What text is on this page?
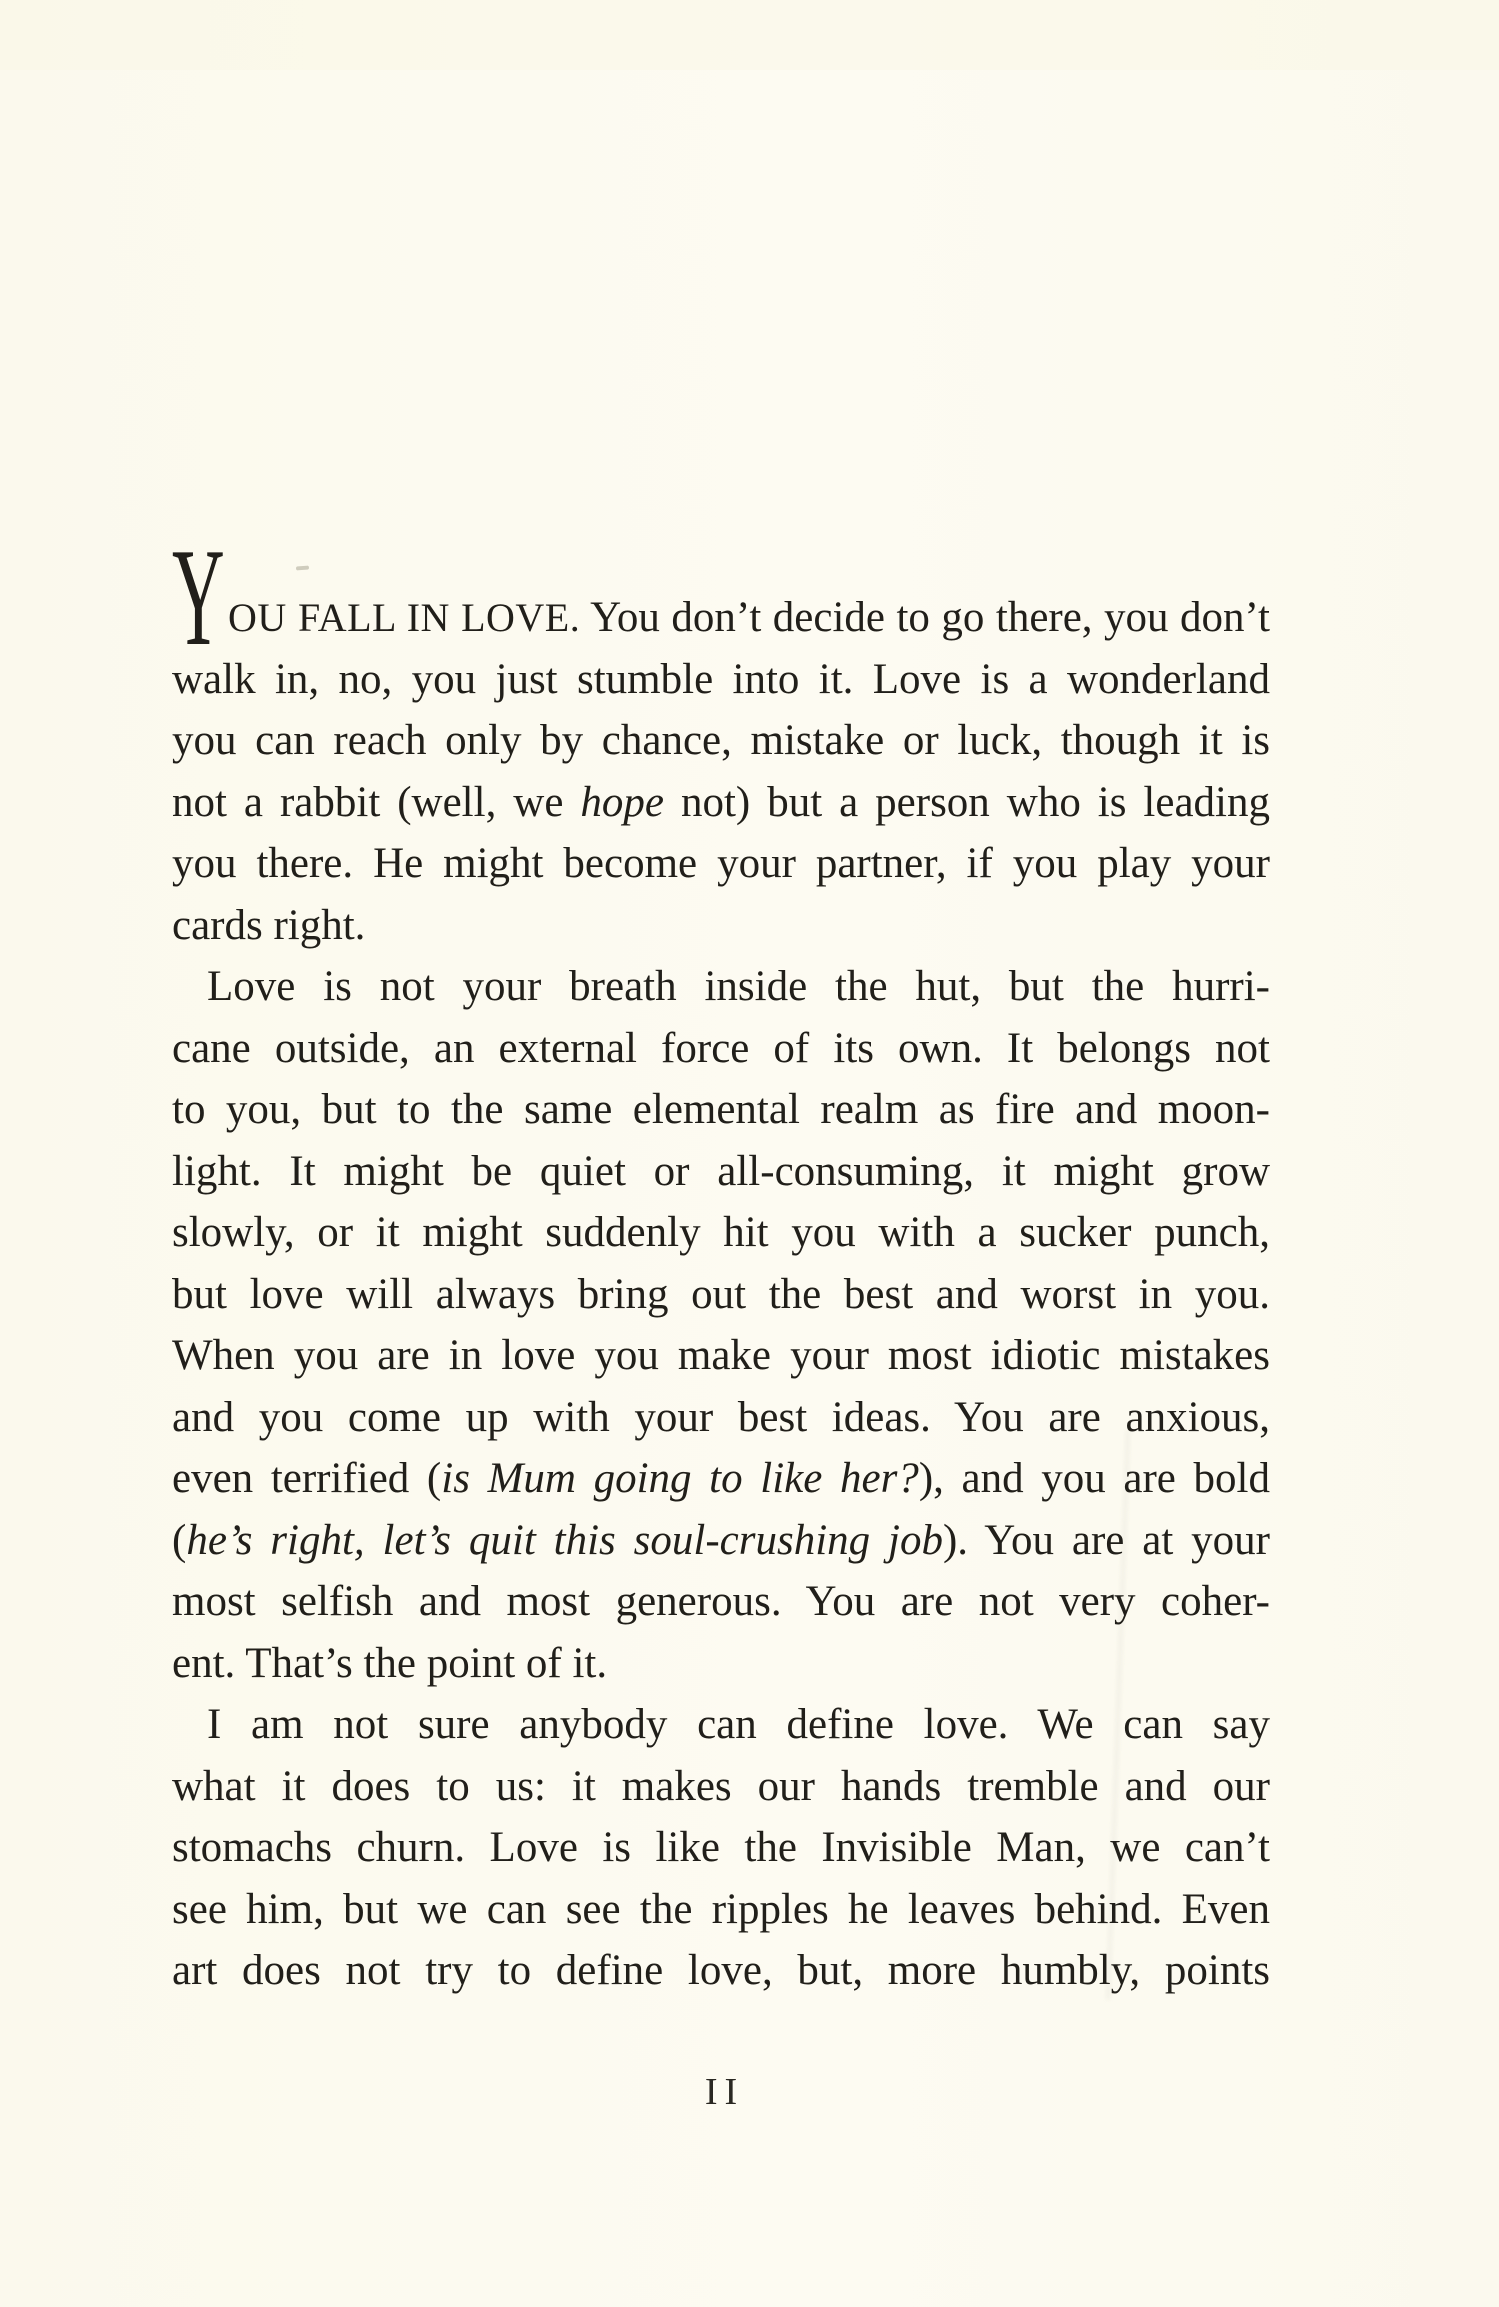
YOU FALL IN LOVE. You don’t decide to go there, you don’t
walk in, no, you just stumble into it. Love is a wonderland
you can reach only by chance, mistake or luck, though it is
not a rabbit (well, we hope not) but a person who is leading
you there. He might become your partner, if you play your
cards right.
Love is not your breath inside the hut, but the hurri-
cane outside, an external force of its own. It belongs not
to you, but to the same elemental realm as fire and moon-
light. It might be quiet or all-consuming, it might grow
slowly, or it might suddenly hit you with a sucker punch,
but love will always bring out the best and worst in you.
When you are in love you make your most idiotic mistakes
and you come up with your best ideas. You are anxious,
even terrified (is Mum going to like her?), and you are bold
(he’s right, let’s quit this soul-crushing job). You are at your
most selfish and most generous. You are not very coher-
ent. That’s the point of it.
I am not sure anybody can define love. We can say
what it does to us: it makes our hands tremble and our
stomachs churn. Love is like the Invisible Man, we can’t
see him, but we can see the ripples he leaves behind. Even
art does not try to define love, but, more humbly, points
II
